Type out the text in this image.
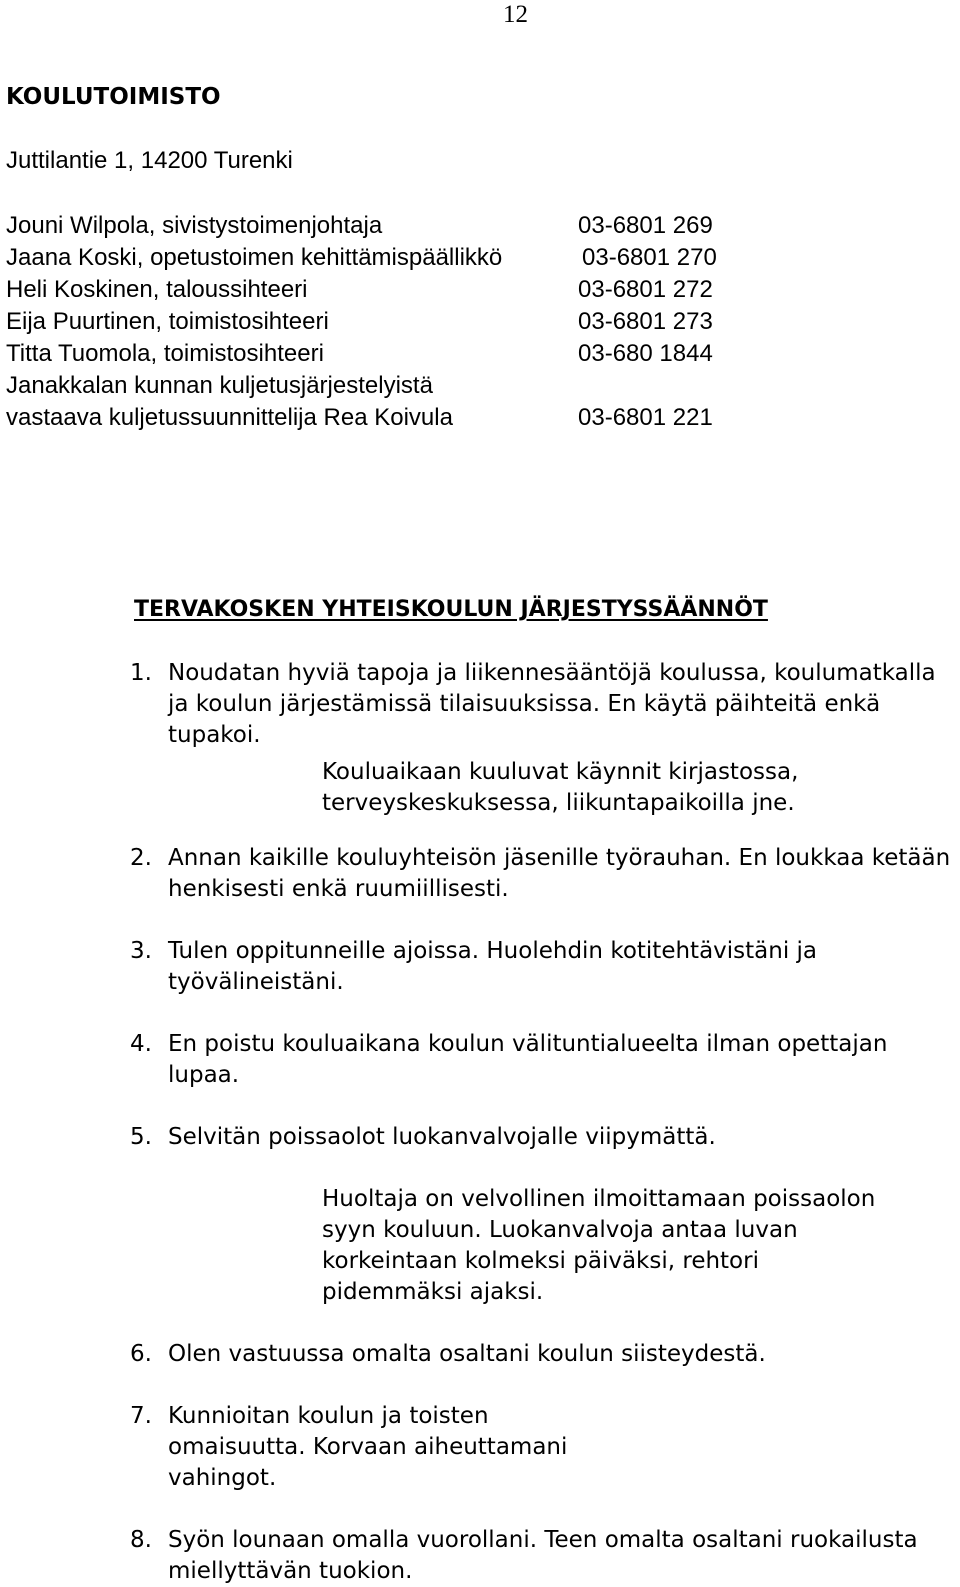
12
KOULUTOIMISTO
Juttilantie 1, 14200 Turenki
Jouni Wilpola, sivistystoimenjohtaja	03-6801 269
Jaana Koski, opetustoimen kehittämispäällikkö	03-6801 270
Heli Koskinen, taloussihteeri	03-6801 272
Eija Puurtinen, toimistosihteeri	03-6801 273
Titta Tuomola, toimistosihteeri	03-680 1844
Janakkalan kunnan kuljetusjärjestelyistä
vastaava kuljetussuunnittelija Rea Koivula	03-6801 221
TERVAKOSKEN YHTEISKOULUN JÄRJESTYSSÄÄNNÖT
1. Noudatan hyviä tapoja ja liikennesääntöjä koulussa, koulumatkalla ja koulun järjestämissä tilaisuuksissa. En käytä päihteitä enkä tupakoi.
Kouluaikaan kuuluvat käynnit kirjastossa, terveyskeskuksessa, liikuntapaikoilla jne.
2. Annan kaikille kouluyhteisön jäsenille työrauhan. En loukkaa ketään henkisesti enkä ruumiillisesti.
3. Tulen oppitunneille ajoissa. Huolehdin kotitehtävistäni ja työvälineistäni.
4. En poistu kouluaikana koulun välituntialueelta ilman opettajan lupaa.
5. Selvitän poissaolot luokanvalvojalle viipymättä.
Huoltaja on velvollinen ilmoittamaan poissaolon syyn kouluun. Luokanvalvoja antaa luvan korkeintaan kolmeksi päiväksi, rehtori pidemmäksi ajaksi.
6. Olen vastuussa omalta osaltani koulun siisteydestä.
7. Kunnioitan koulun ja toisten omaisuutta. Korvaan aiheuttamani vahingot.
8. Syön lounaan omalla vuorollani. Teen omalta osaltani ruokailusta miellyttävän tuokion.
